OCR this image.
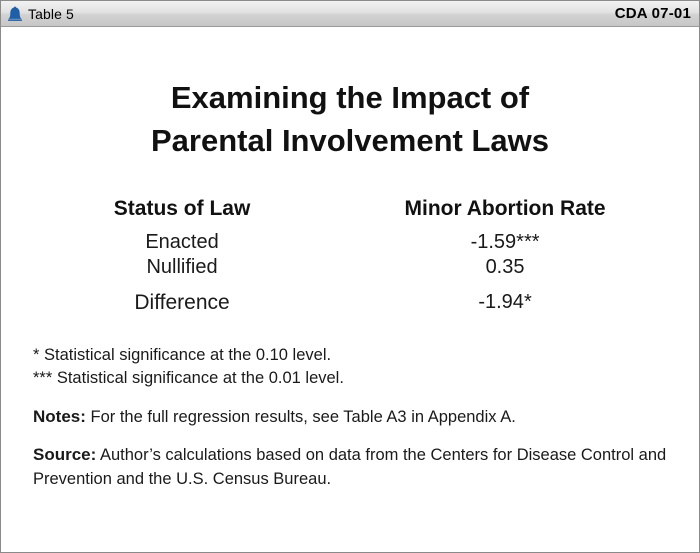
Table 5	CDA 07-01
Examining the Impact of
Parental Involvement Laws
Status of Law	Minor Abortion Rate
Enacted	-1.59***
Nullified	0.35
Difference	-1.94*
* Statistical significance at the 0.10 level.
*** Statistical significance at the 0.01 level.
Notes: For the full regression results, see Table A3 in Appendix A.
Source: Author’s calculations based on data from the Centers for Disease Control and Prevention and the U.S. Census Bureau.
